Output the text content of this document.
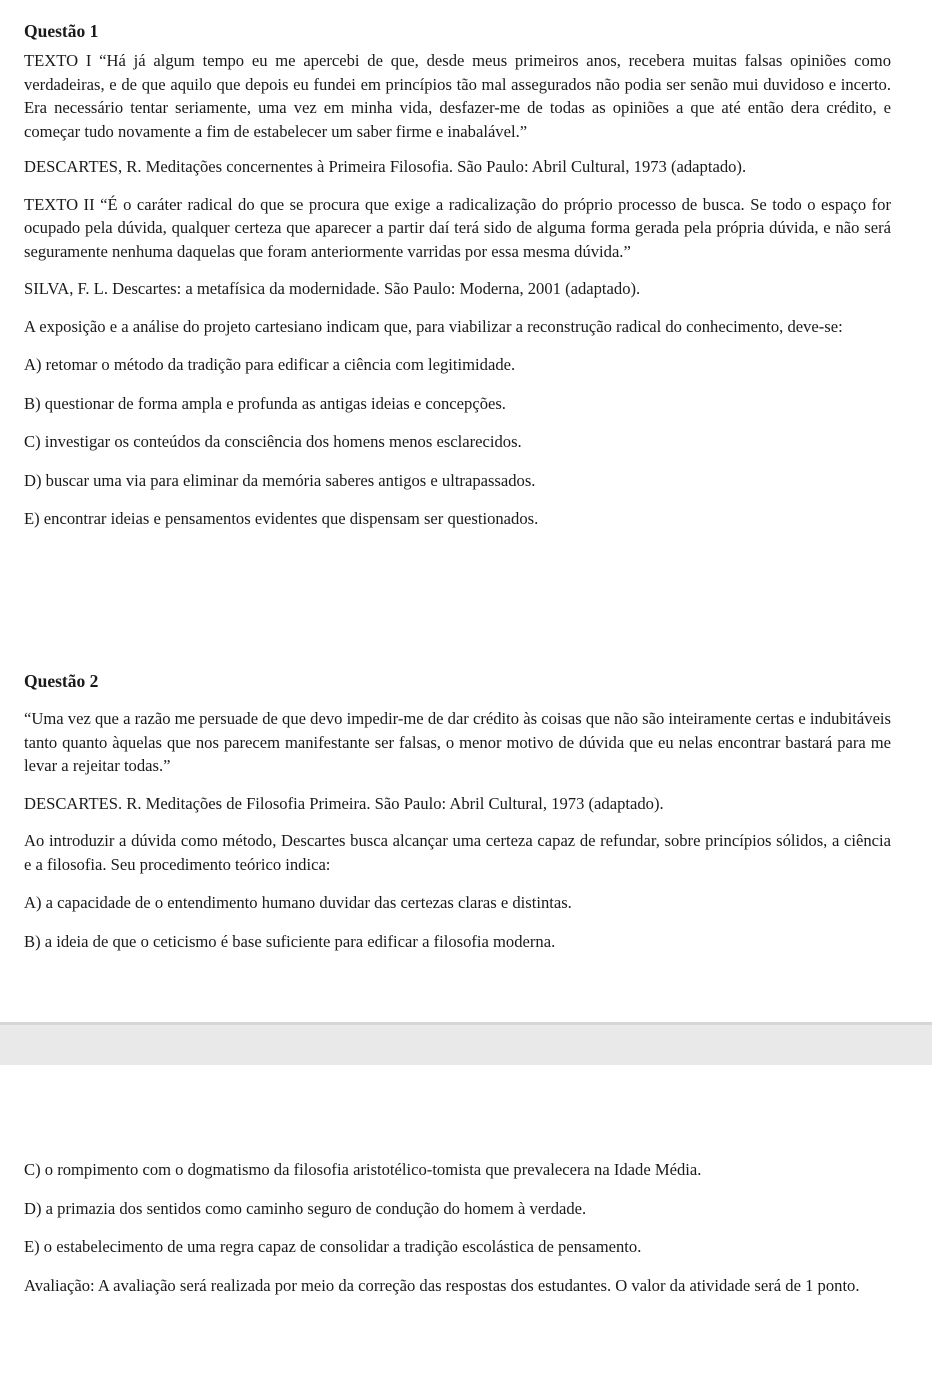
Questão 1

TEXTO I “Há já algum tempo eu me apercebi de que, desde meus primeiros anos, recebera muitas falsas opiniões como verdadeiras, e de que aquilo que depois eu fundei em princípios tão mal assegurados não podia ser senão mui duvidoso e incerto. Era necessário tentar seriamente, uma vez em minha vida, desfazer-me de todas as opiniões a que até então dera crédito, e começar tudo novamente a fim de estabelecer um saber firme e inabalável.”

DESCARTES, R. Meditações concernentes à Primeira Filosofia. São Paulo: Abril Cultural, 1973 (adaptado).

TEXTO II “É o caráter radical do que se procura que exige a radicalização do próprio processo de busca. Se todo o espaço for ocupado pela dúvida, qualquer certeza que aparecer a partir daí terá sido de alguma forma gerada pela própria dúvida, e não será seguramente nenhuma daquelas que foram anteriormente varridas por essa mesma dúvida.”

SILVA, F. L. Descartes: a metafísica da modernidade. São Paulo: Moderna, 2001 (adaptado).

A exposição e a análise do projeto cartesiano indicam que, para viabilizar a reconstrução radical do conhecimento, deve-se:

A) retomar o método da tradição para edificar a ciência com legitimidade.

B) questionar de forma ampla e profunda as antigas ideias e concepções.

C) investigar os conteúdos da consciência dos homens menos esclarecidos.

D) buscar uma via para eliminar da memória saberes antigos e ultrapassados.

E) encontrar ideias e pensamentos evidentes que dispensam ser questionados.

Questão 2

“Uma vez que a razão me persuade de que devo impedir-me de dar crédito às coisas que não são inteiramente certas e indubitáveis tanto quanto àquelas que nos parecem manifestante ser falsas, o menor motivo de dúvida que eu nelas encontrar bastará para me levar a rejeitar todas.”

DESCARTES. R. Meditações de Filosofia Primeira. São Paulo: Abril Cultural, 1973 (adaptado).

Ao introduzir a dúvida como método, Descartes busca alcançar uma certeza capaz de refundar, sobre princípios sólidos, a ciência e a filosofia. Seu procedimento teórico indica:

A) a capacidade de o entendimento humano duvidar das certezas claras e distintas.

B) a ideia de que o ceticismo é base suficiente para edificar a filosofia moderna.

C) o rompimento com o dogmatismo da filosofia aristotélico-tomista que prevalecera na Idade Média.

D) a primazia dos sentidos como caminho seguro de condução do homem à verdade.

E) o estabelecimento de uma regra capaz de consolidar a tradição escolástica de pensamento.

Avaliação: A avaliação será realizada por meio da correção das respostas dos estudantes. O valor da atividade será de 1 ponto.
